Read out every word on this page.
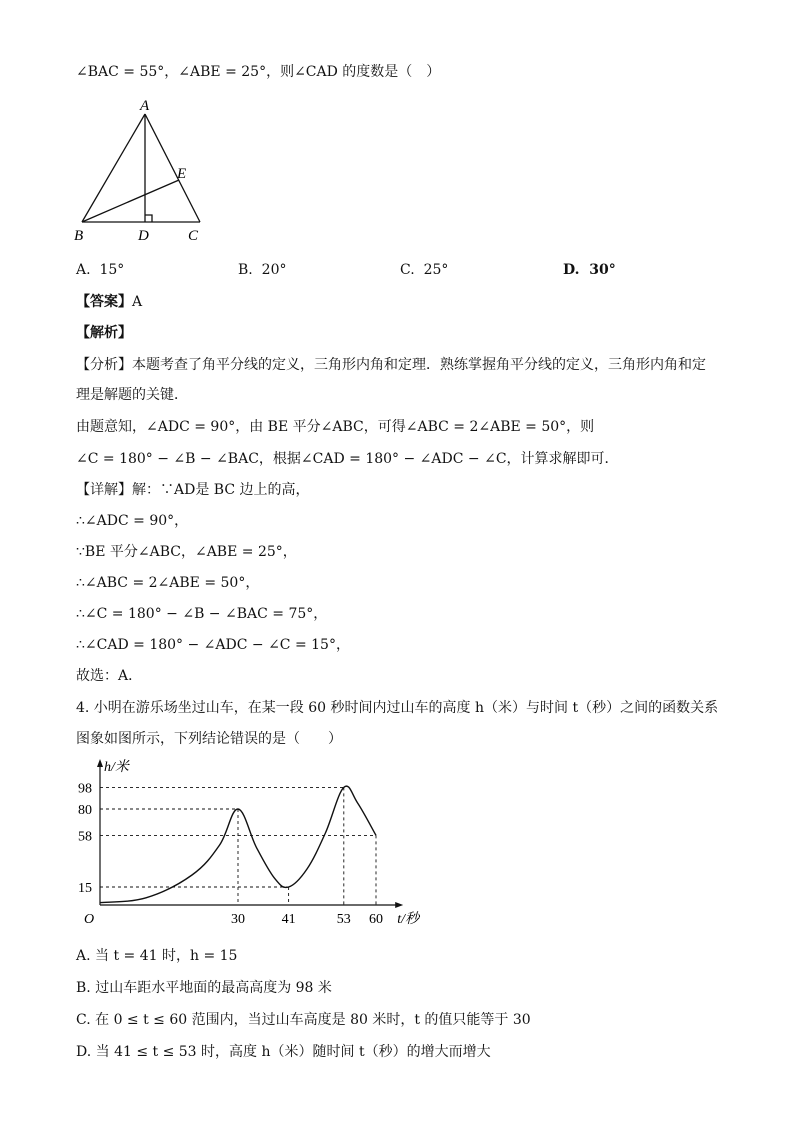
∠BAC = 55°，∠ABE = 25°，则∠CAD 的度数是（　）
A
E
B	D	C
A. 15°	B. 20°	C. 25°	D. 30°
【答案】A
【解析】
【分析】本题考查了角平分线的定义，三角形内角和定理．熟练掌握角平分线的定义，三角形内角和定
理是解题的关键．
由题意知，∠ADC = 90°，由 BE 平分∠ABC，可得∠ABC = 2∠ABE = 50°，则
∠C = 180° − ∠B − ∠BAC，根据∠CAD = 180° − ∠ADC − ∠C，计算求解即可．
【详解】解：∵AD是 BC 边上的高，
∴∠ADC = 90°，
∵BE 平分∠ABC，∠ABE = 25°，
∴∠ABC = 2∠ABE = 50°，
∴∠C = 180° − ∠B − ∠BAC = 75°，
∴∠CAD = 180° − ∠ADC − ∠C = 15°，
故选：A．
4. 小明在游乐场坐过山车，在某一段 60 秒时间内过山车的高度 h（米）与时间 t（秒）之间的函数关系
图象如图所示，下列结论错误的是（　　）
h/米
t/秒
O
15
58
80
98
30	41	53 60
A. 当 t = 41 时，h = 15
B. 过山车距水平地面的最高高度为 98 米
C. 在 0 ≤ t ≤ 60 范围内，当过山车高度是 80 米时，t 的值只能等于 30
D. 当 41 ≤ t ≤ 53 时，高度 h（米）随时间 t（秒）的增大而增大
